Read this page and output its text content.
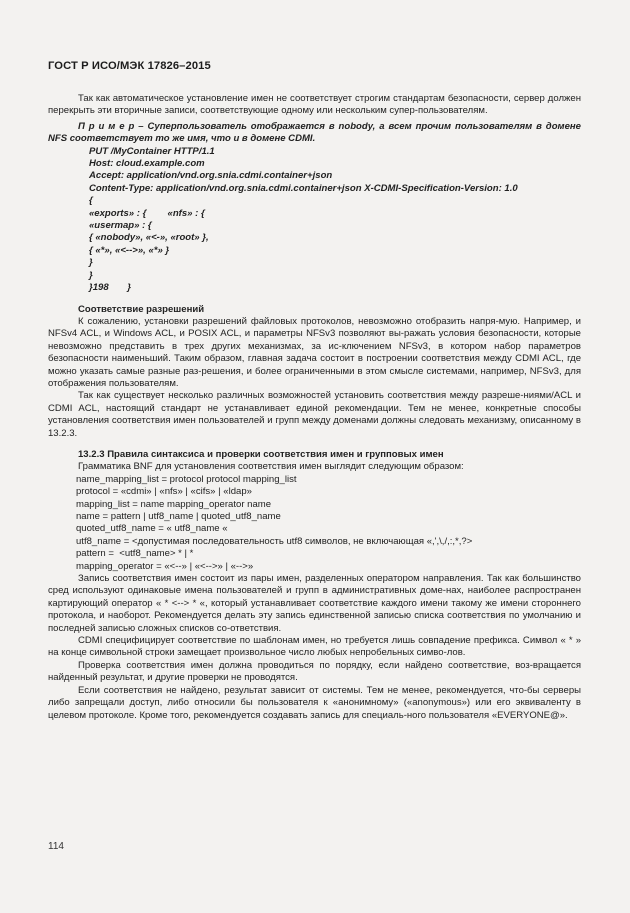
ГОСТ Р ИСО/МЭК 17826–2015

Так как автоматическое установление имен не соответствует строгим стандартам безопасности, сервер должен перекрыть эти вторичные записи, соответствующие одному или нескольким супер-пользователям.

П р и м е р – Суперпользователь отображается в nobody, а всем прочим пользователям в домене NFS соответствует то же имя, что и в домене CDMI.

PUT /MyContainer HTTP/1.1
Host: cloud.example.com
Accept: application/vnd.org.snia.cdmi.container+json
Content-Type: application/vnd.org.snia.cdmi.container+json X-CDMI-Specification-Version: 1.0
{
«exports» : {        «nfs» : {
«usermap» : {
{ «nobody», «<-», «root» },
{ «*», «<-->», «*» }
}
}
}198       }

Соответствие разрешений

К сожалению, установки разрешений файловых протоколов, невозможно отобразить напря-мую. Например, и NFSv4 ACL, и Windows ACL, и POSIX ACL, и параметры NFSv3 позволяют вы-ражать условия безопасности, которые невозможно представить в трех других механизмах, за ис-ключением NFSv3, в котором набор параметров безопасности наименьший. Таким образом, главная задача состоит в построении соответствия между CDMI ACL, где можно указать самые разные раз-решения, и более ограниченными в этом смысле системами, например, NFSv3, для отображения пользователям.

Так как существует несколько различных возможностей установить соответствия между разреше-ниями/ACL и CDMI ACL, настоящий стандарт не устанавливает единой рекомендации. Тем не менее, конкретные способы установления соответствия имен пользователей и групп между доменами должны следовать механизму, описанному в 13.2.3.

13.2.3 Правила синтаксиса и проверки соответствия имен и групповых имен

Грамматика BNF для установления соответствия имен выглядит следующим образом:

name_mapping_list = protocol protocol mapping_list
protocol = «cdmi» | «nfs» | «cifs» | «ldap»
mapping_list = name mapping_operator name
name = pattern | utf8_name | quoted_utf8_name
quoted_utf8_name = « utf8_name «
utf8_name = <допустимая последовательность utf8 символов, не включающая «,',\,/,:,*,?>
pattern =  <utf8_name> * | *
mapping_operator = «<--» | «<-->» | «-->»

Запись соответствия имен состоит из пары имен, разделенных оператором направления. Так как большинство сред используют одинаковые имена пользователей и групп в административных доме-нах, наиболее распространен картирующий оператор « * <--> * «, который устанавливает соответствие каждого имени такому же имени стороннего протокола, и наоборот. Рекомендуется делать эту запись единственной записью списка соответствия по умолчанию и последней записью сложных списков со-ответствия.

CDMI специфицирует соответствие по шаблонам имен, но требуется лишь совпадение префикса. Символ « * » на конце символьной строки замещает произвольное число любых непробельных симво-лов.

Проверка соответствия имен должна проводиться по порядку, если найдено соответствие, воз-вращается найденный результат, и другие проверки не проводятся.

Если соответствия не найдено, результат зависит от системы. Тем не менее, рекомендуется, что-бы серверы либо запрещали доступ, либо относили бы пользователя к «анонимному» («anonymous») или его эквиваленту в целевом протоколе. Кроме того, рекомендуется создавать запись для специаль-ного пользователя «EVERYONE@».

114
